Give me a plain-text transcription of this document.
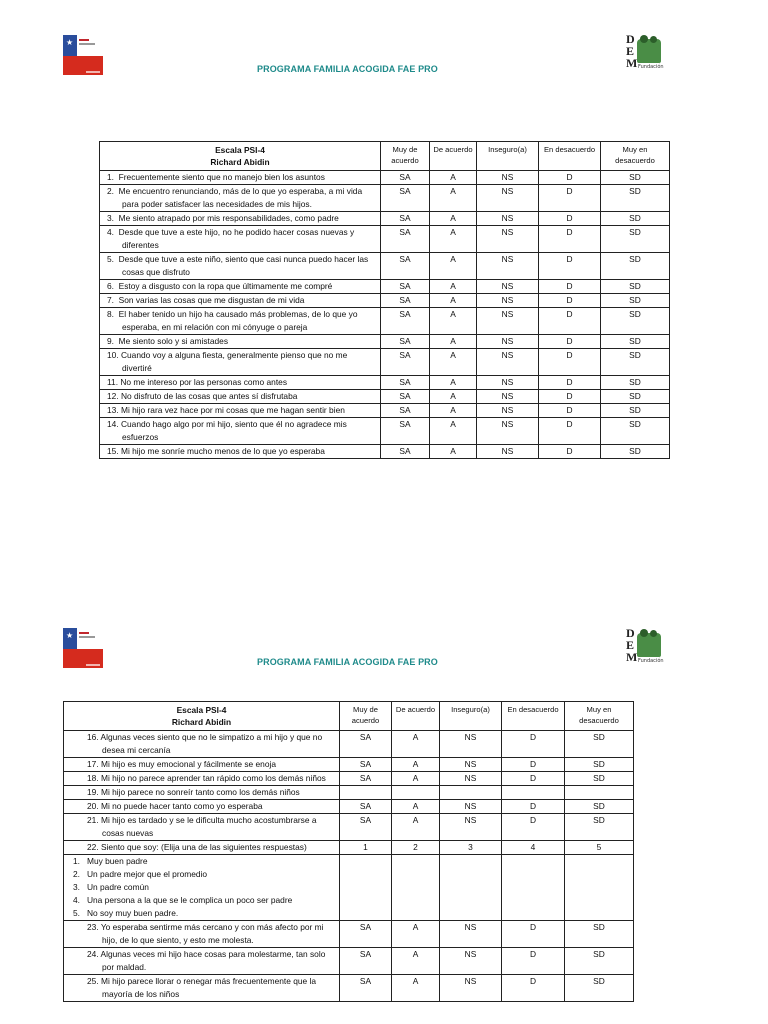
★
PROGRAMA FAMILIA ACOGIDA FAE PRO
D
E
M Fundación
Escala PSI-4
Richard Abidin	Muy de acuerdo	De acuerdo	Inseguro(a)	En desacuerdo	Muy en desacuerdo
1.  Frecuentemente siento que no manejo bien los asuntos	SA	A	NS	D	SD
2.  Me encuentro renunciando, más de lo que yo esperaba, a mi vida para poder satisfacer las necesidades de mis hijos.	SA	A	NS	D	SD
3.  Me siento atrapado por mis responsabilidades, como padre	SA	A	NS	D	SD
4.  Desde que tuve a este hijo, no he podido hacer cosas nuevas y diferentes	SA	A	NS	D	SD
5.  Desde que tuve a este niño, siento que casi nunca puedo hacer las cosas que disfruto	SA	A	NS	D	SD
6.  Estoy a disgusto con la ropa que últimamente me compré	SA	A	NS	D	SD
7.  Son varias las cosas que me disgustan de mi vida	SA	A	NS	D	SD
8.  El haber tenido un hijo ha causado más problemas, de lo que yo esperaba, en mi relación con mi cónyuge o pareja	SA	A	NS	D	SD
9.  Me siento solo y si amistades	SA	A	NS	D	SD
10. Cuando voy a alguna fiesta, generalmente pienso que no me divertiré	SA	A	NS	D	SD
11. No me intereso por las personas como antes	SA	A	NS	D	SD
12. No disfruto de las cosas que antes sí disfrutaba	SA	A	NS	D	SD
13. Mi hijo rara vez hace por mi cosas que me hagan sentir bien	SA	A	NS	D	SD
14. Cuando hago algo por mi hijo, siento que él no agradece mis esfuerzos	SA	A	NS	D	SD
15. Mi hijo me sonríe mucho menos de lo que yo esperaba	SA	A	NS	D	SD
★
PROGRAMA FAMILIA ACOGIDA FAE PRO
D
E
M Fundación
Escala PSI-4
Richard Abidin	Muy de acuerdo	De acuerdo	Inseguro(a)	En desacuerdo	Muy en desacuerdo
16. Algunas veces siento que no le simpatizo a mi hijo y que no desea mi cercanía	SA	A	NS	D	SD
17. Mi hijo es muy emocional y fácilmente se enoja	SA	A	NS	D	SD
18. Mi hijo no parece aprender tan rápido como los demás niños	SA	A	NS	D	SD
19. Mi hijo parece no sonreír tanto como los demás niños					
20. Mi no puede hacer tanto como yo esperaba	SA	A	NS	D	SD
21. Mi hijo es tardado y se le dificulta mucho acostumbrarse a cosas nuevas	SA	A	NS	D	SD
22. Siento que soy: (Elija una de las siguientes respuestas)	1	2	3	4	5

1.   Muy buen padre
2.   Un padre mejor que el promedio
3.   Un padre común
4.   Una persona a la que se le complica un poco ser padre
5.   No soy muy buen padre.					

23. Yo esperaba sentirme más cercano y con más afecto por mi hijo, de lo que siento, y esto me molesta.	SA	A	NS	D	SD
24. Algunas veces mi hijo hace cosas para molestarme, tan solo por maldad.	SA	A	NS	D	SD
25. Mi hijo parece llorar o renegar más frecuentemente que la mayoría de los niños	SA	A	NS	D	SD
